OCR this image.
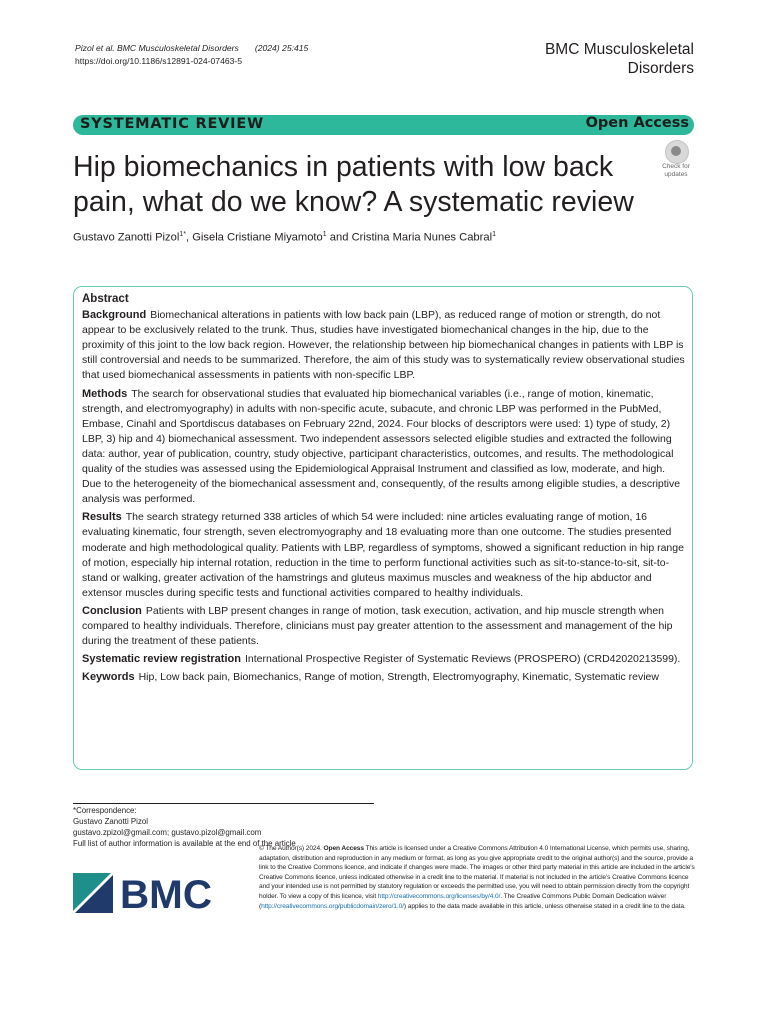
Pizol et al. BMC Musculoskeletal Disorders (2024) 25:415
https://doi.org/10.1186/s12891-024-07463-5
BMC Musculoskeletal
Disorders
SYSTEMATIC REVIEW	Open Access
Hip biomechanics in patients with low back
pain, what do we know? A systematic review
Check for
updates
Gustavo Zanotti Pizol$^{1*}$, Gisela Cristiane Miyamoto$^1$ and Cristina Maria Nunes Cabral$^1$
Abstract

Background Biomechanical alterations in patients with low back pain (LBP), as reduced range of motion or strength, do not appear to be exclusively related to the trunk. Thus, studies have investigated biomechanical changes in the hip, due to the proximity of this joint to the low back region. However, the relationship between hip biomechanical changes in patients with LBP is still controversial and needs to be summarized. Therefore, the aim of this study was to systematically review observational studies that used biomechanical assessments in patients with non-specific LBP.

Methods The search for observational studies that evaluated hip biomechanical variables (i.e., range of motion, kinematic, strength, and electromyography) in adults with non-specific acute, subacute, and chronic LBP was performed in the PubMed, Embase, Cinahl and Sportdiscus databases on February 22nd, 2024. Four blocks of descriptors were used: 1) type of study, 2) LBP, 3) hip and 4) biomechanical assessment. Two independent assessors selected eligible studies and extracted the following data: author, year of publication, country, study objective, participant characteristics, outcomes, and results. The methodological quality of the studies was assessed using the Epidemiological Appraisal Instrument and classified as low, moderate, and high. Due to the heterogeneity of the biomechanical assessment and, consequently, of the results among eligible studies, a descriptive analysis was performed.

Results The search strategy returned 338 articles of which 54 were included: nine articles evaluating range of motion, 16 evaluating kinematic, four strength, seven electromyography and 18 evaluating more than one outcome. The studies presented moderate and high methodological quality. Patients with LBP, regardless of symptoms, showed a significant reduction in hip range of motion, especially hip internal rotation, reduction in the time to perform functional activities such as sit-to-stance-to-sit, sit-to-stand or walking, greater activation of the hamstrings and gluteus maximus muscles and weakness of the hip abductor and extensor muscles during specific tests and functional activities compared to healthy individuals.

Conclusion Patients with LBP present changes in range of motion, task execution, activation, and hip muscle strength when compared to healthy individuals. Therefore, clinicians must pay greater attention to the assessment and management of the hip during the treatment of these patients.

Systematic review registration International Prospective Register of Systematic Reviews (PROSPERO) (CRD42020213599).

Keywords Hip, Low back pain, Biomechanics, Range of motion, Strength, Electromyography, Kinematic, Systematic review

*Correspondence:
Gustavo Zanotti Pizol
gustavo.zpizol@gmail.com; gustavo.pizol@gmail.com
Full list of author information is available at the end of the article
BMC
© The Author(s) 2024. Open Access This article is licensed under a Creative Commons Attribution 4.0 International License, which permits use, sharing, adaptation, distribution and reproduction in any medium or format, as long as you give appropriate credit to the original author(s) and the source, provide a link to the Creative Commons licence, and indicate if changes were made. The images or other third party material in this article are included in the article's Creative Commons licence, unless indicated otherwise in a credit line to the material. If material is not included in the article's Creative Commons licence and your intended use is not permitted by statutory regulation or exceeds the permitted use, you will need to obtain permission directly from the copyright holder. To view a copy of this licence, visit http://creativecommons.org/licenses/by/4.0/. The Creative Commons Public Domain Dedication waiver (http://creativecommons.org/publicdomain/zero/1.0/) applies to the data made available in this article, unless otherwise stated in a credit line to the data.
